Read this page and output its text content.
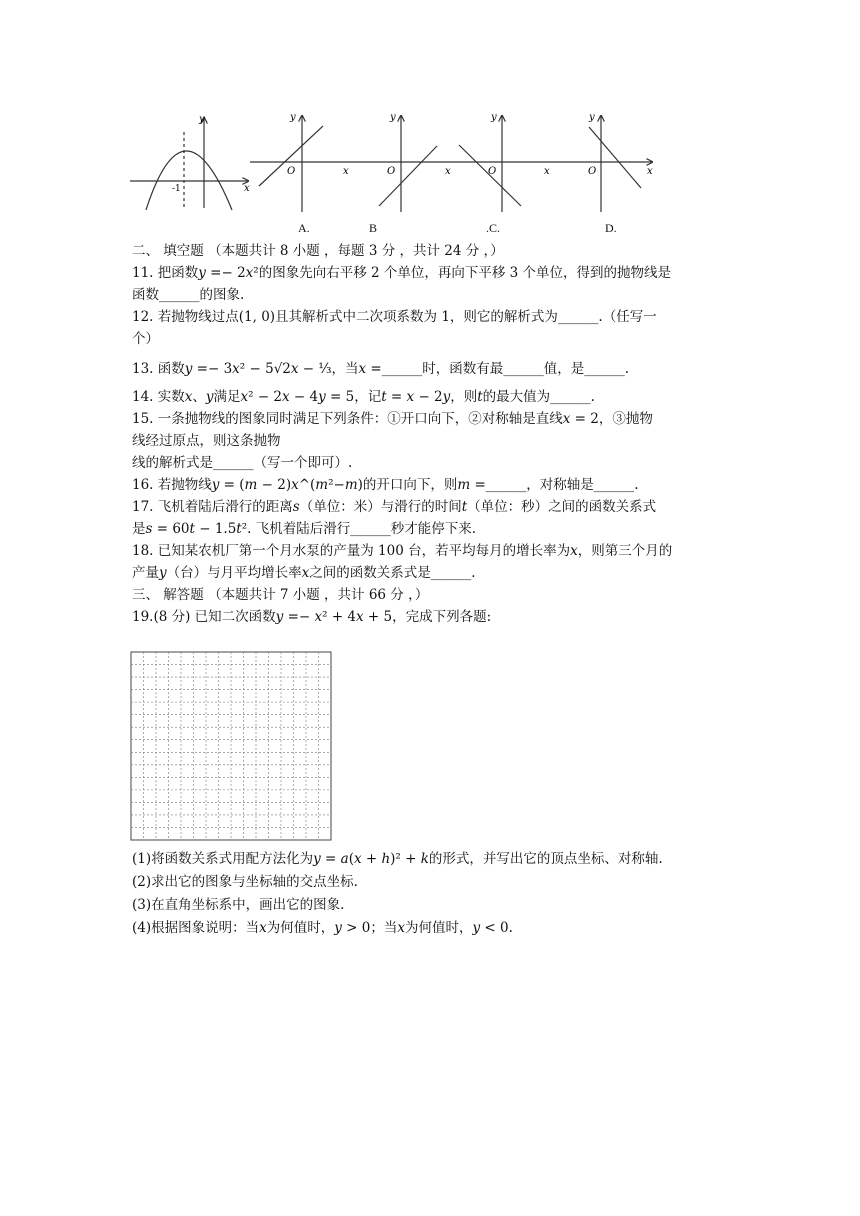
y
x
-1
y
O	x
y
O	x
y
O	x
y
O	x
A.	B	.C.	D.
二、 填空题 （本题共计 8 小题 ，每题 3 分 ，共计 24 分 ，）
11. 把函数𝑦 =− 2𝑥²的图象先向右平移 2 个单位，再向下平移 3 个单位，得到的抛物线是
函数______的图象.
12. 若抛物线过点(1, 0)且其解析式中二次项系数为 1，则它的解析式为______.（任写一
个）
13. 函数𝑦 =− 3𝑥² − 5√2𝑥 − ⅓，当𝑥 =______时，函数有最______值，是______.
14. 实数𝑥、𝑦满足𝑥² − 2𝑥 − 4𝑦 = 5，记𝑡 = 𝑥 − 2𝑦，则𝑡的最大值为______.
15. 一条抛物线的图象同时满足下列条件：①开口向下，②对称轴是直线𝑥 = 2，③抛物
线经过原点，则这条抛物
线的解析式是______（写一个即可）.
16. 若抛物线𝑦 = (𝑚 − 2)𝑥^(𝑚²−𝑚)的开口向下，则𝑚 =______，对称轴是______.
17. 飞机着陆后滑行的距离𝑠（单位：米）与滑行的时间𝑡（单位：秒）之间的函数关系式
是𝑠 = 60𝑡 − 1.5𝑡². 飞机着陆后滑行______秒才能停下来.
18. 已知某农机厂第一个月水泵的产量为 100 台，若平均每月的增长率为𝑥，则第三个月的
产量𝑦（台）与月平均增长率𝑥之间的函数关系式是______.
三、 解答题 （本题共计 7 小题 ，共计 66 分 ，）
19.(8 分) 已知二次函数𝑦 =− 𝑥² + 4𝑥 + 5，完成下列各题:
(1)将函数关系式用配方法化为𝑦 = 𝑎(𝑥 + ℎ)² + 𝑘的形式，并写出它的顶点坐标、对称轴.
(2)求出它的图象与坐标轴的交点坐标.
(3)在直角坐标系中，画出它的图象.
(4)根据图象说明：当𝑥为何值时，𝑦 > 0；当𝑥为何值时，𝑦 < 0.
